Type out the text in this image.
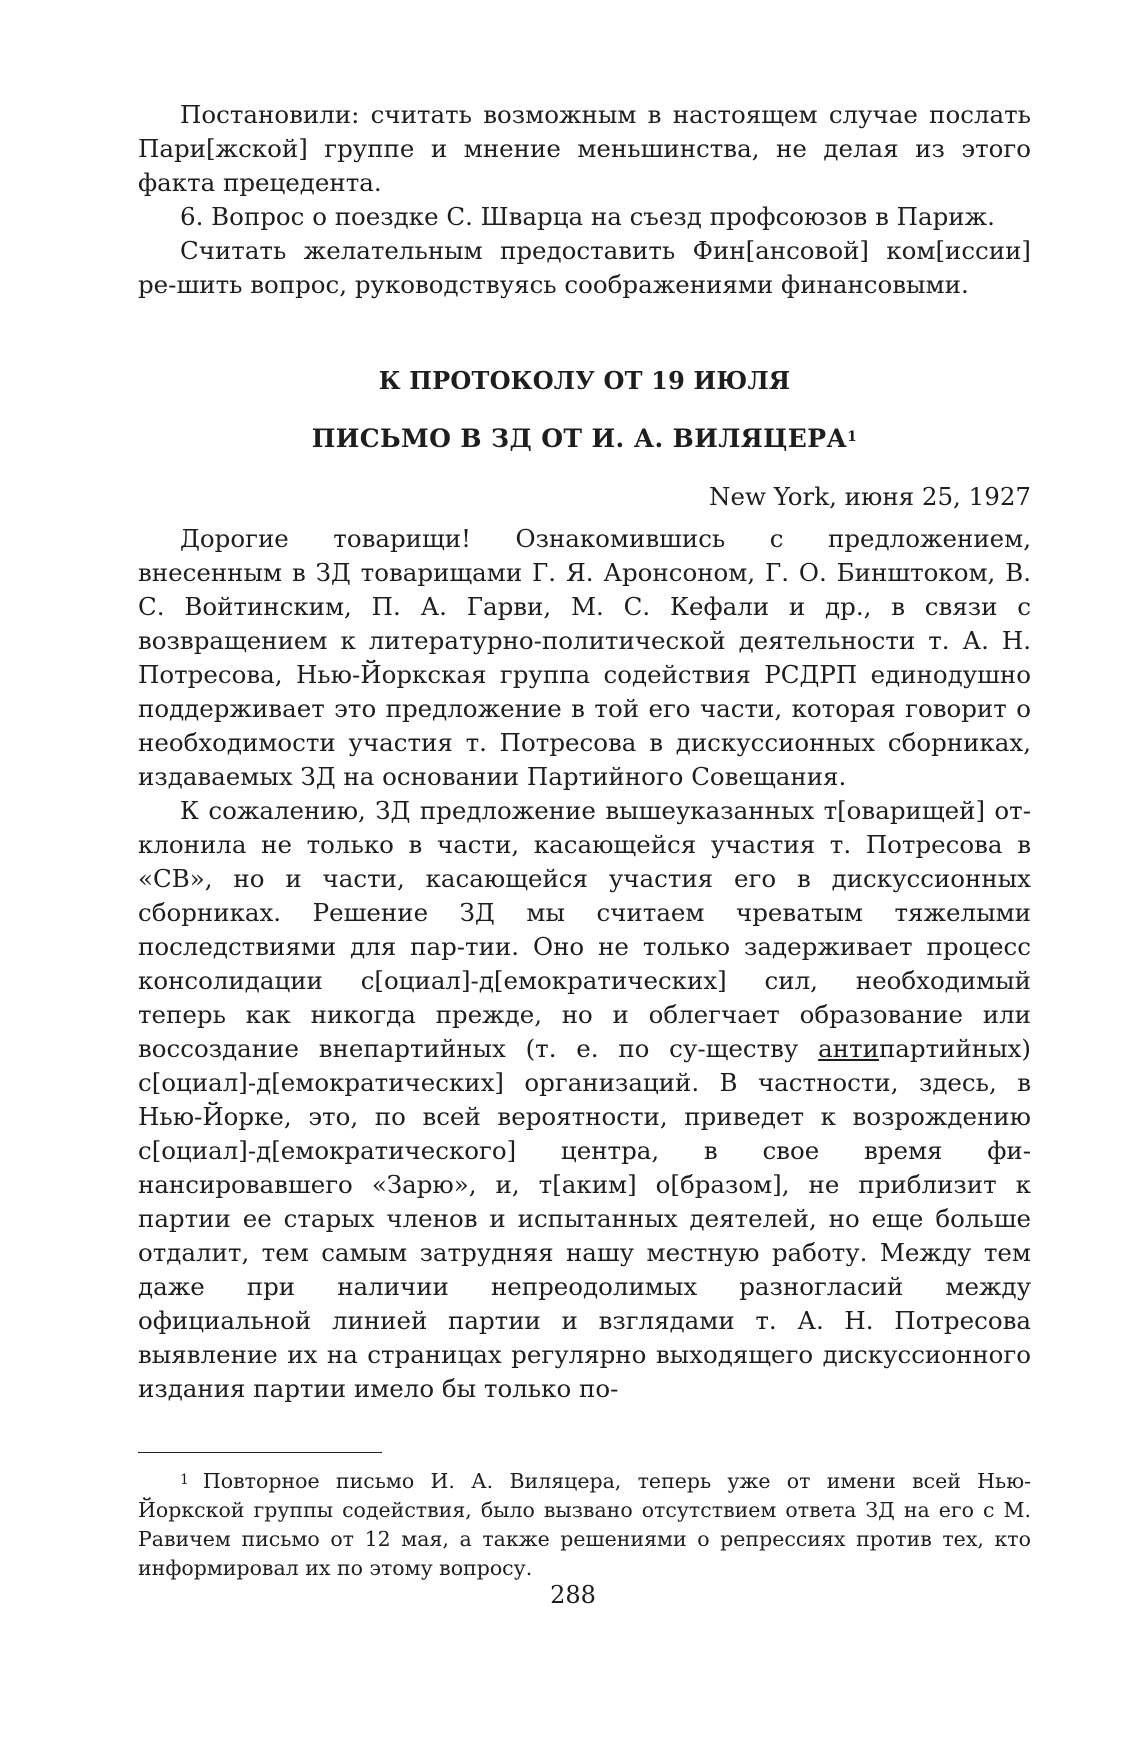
Постановили: считать возможным в настоящем случае послать Пари[жской] группе и мнение меньшинства, не делая из этого факта прецедента.

6. Вопрос о поездке С. Шварца на съезд профсоюзов в Париж.

Считать желательным предоставить Фин[ансовой] ком[иссии] ре-шить вопрос, руководствуясь соображениями финансовыми.

К ПРОТОКОЛУ ОТ 19 ИЮЛЯ
ПИСЬМО В ЗД ОТ И. А. ВИЛЯЦЕРА$^1$
New York, июня 25, 1927

Дорогие товарищи! Ознакомившись с предложением, внесенным в ЗД товарищами Г. Я. Аронсоном, Г. О. Бинштоком, В. С. Войтинским, П. А. Гарви, М. С. Кефали и др., в связи с возвращением к литературно-политической деятельности т. А. Н. Потресова, Нью-Йоркская группа содействия РСДРП единодушно поддерживает это предложение в той его части, которая говорит о необходимости участия т. Потресова в дискуссионных сборниках, издаваемых ЗД на основании Партийного Совещания.

К сожалению, ЗД предложение вышеуказанных т[оварищей] от-клонила не только в части, касающейся участия т. Потресова в «СВ», но и части, касающейся участия его в дискуссионных сборниках. Решение ЗД мы считаем чреватым тяжелыми последствиями для пар-тии. Оно не только задерживает процесс консолидации с[оциал]-д[емократических] сил, необходимый теперь как никогда прежде, но и облегчает образование или воссоздание внепартийных (т. е. по су-ществу антипартийных) с[оциал]-д[емократических] организаций. В частности, здесь, в Нью-Йорке, это, по всей вероятности, приведет к возрождению с[оциал]-д[емократического] центра, в свое время фи-нансировавшего «Зарю», и, т[аким] о[бразом], не приблизит к партии ее старых членов и испытанных деятелей, но еще больше отдалит, тем самым затрудняя нашу местную работу. Между тем даже при наличии непреодолимых разногласий между официальной линией партии и взглядами т. А. Н. Потресова выявление их на страницах регулярно выходящего дискуссионного издания партии имело бы только по-

$^1$ Повторное письмо И. А. Виляцера, теперь уже от имени всей Нью-Йоркской группы содействия, было вызвано отсутствием ответа ЗД на его с М. Равичем письмо от 12 мая, а также решениями о репрессиях против тех, кто информировал их по этому вопросу.

288
